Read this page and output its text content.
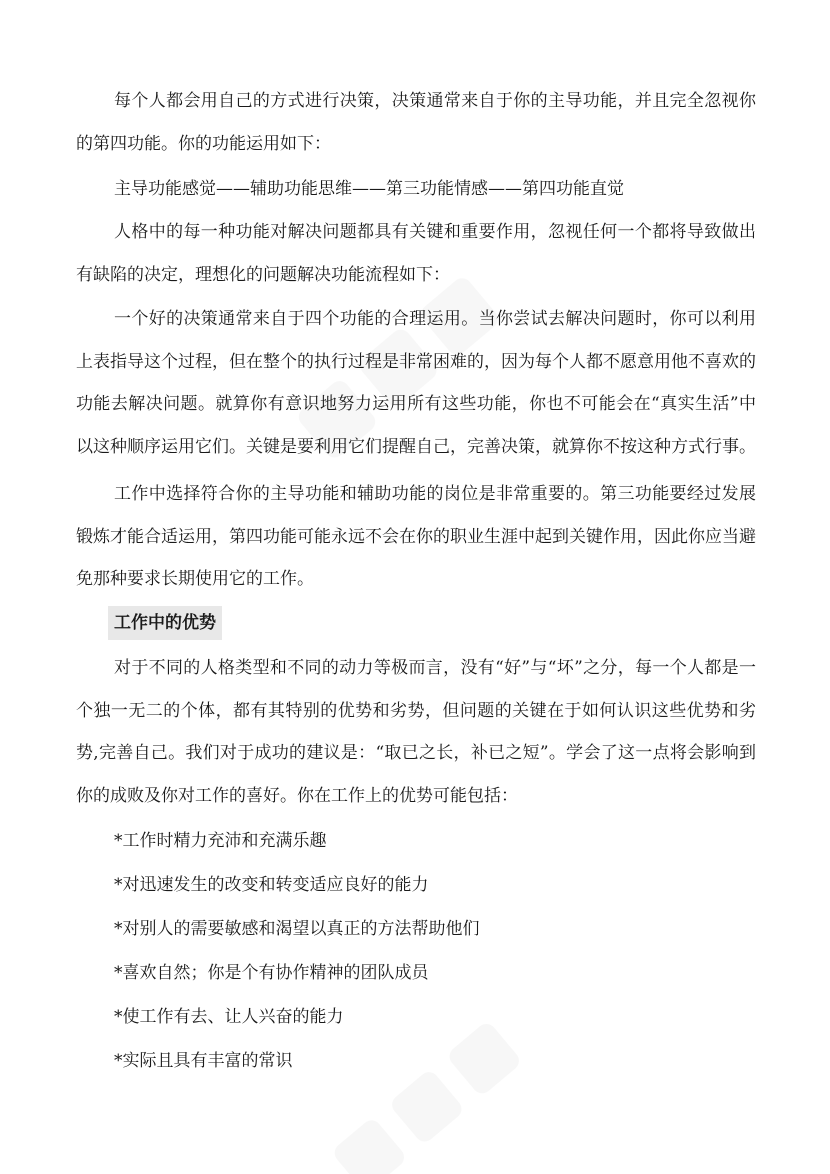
每个人都会用自己的方式进行决策，决策通常来自于你的主导功能，并且完全忽视你的第四功能。你的功能运用如下：

主导功能感觉——辅助功能思维——第三功能情感——第四功能直觉

人格中的每一种功能对解决问题都具有关键和重要作用，忽视任何一个都将导致做出有缺陷的决定，理想化的问题解决功能流程如下：

一个好的决策通常来自于四个功能的合理运用。当你尝试去解决问题时，你可以利用上表指导这个过程，但在整个的执行过程是非常困难的，因为每个人都不愿意用他不喜欢的功能去解决问题。就算你有意识地努力运用所有这些功能，你也不可能会在“真实生活”中以这种顺序运用它们。关键是要利用它们提醒自己，完善决策，就算你不按这种方式行事。

工作中选择符合你的主导功能和辅助功能的岗位是非常重要的。第三功能要经过发展锻炼才能合适运用，第四功能可能永远不会在你的职业生涯中起到关键作用，因此你应当避免那种要求长期使用它的工作。

工作中的优势

对于不同的人格类型和不同的动力等极而言，没有“好”与“坏”之分，每一个人都是一个独一无二的个体，都有其特别的优势和劣势，但问题的关键在于如何认识这些优势和劣势,完善自己。我们对于成功的建议是：“取已之长，补已之短”。学会了这一点将会影响到你的成败及你对工作的喜好。你在工作上的优势可能包括：

*工作时精力充沛和充满乐趣

*对迅速发生的改变和转变适应良好的能力

*对别人的需要敏感和渴望以真正的方法帮助他们

*喜欢自然；你是个有协作精神的团队成员

*使工作有去、让人兴奋的能力

*实际且具有丰富的常识
